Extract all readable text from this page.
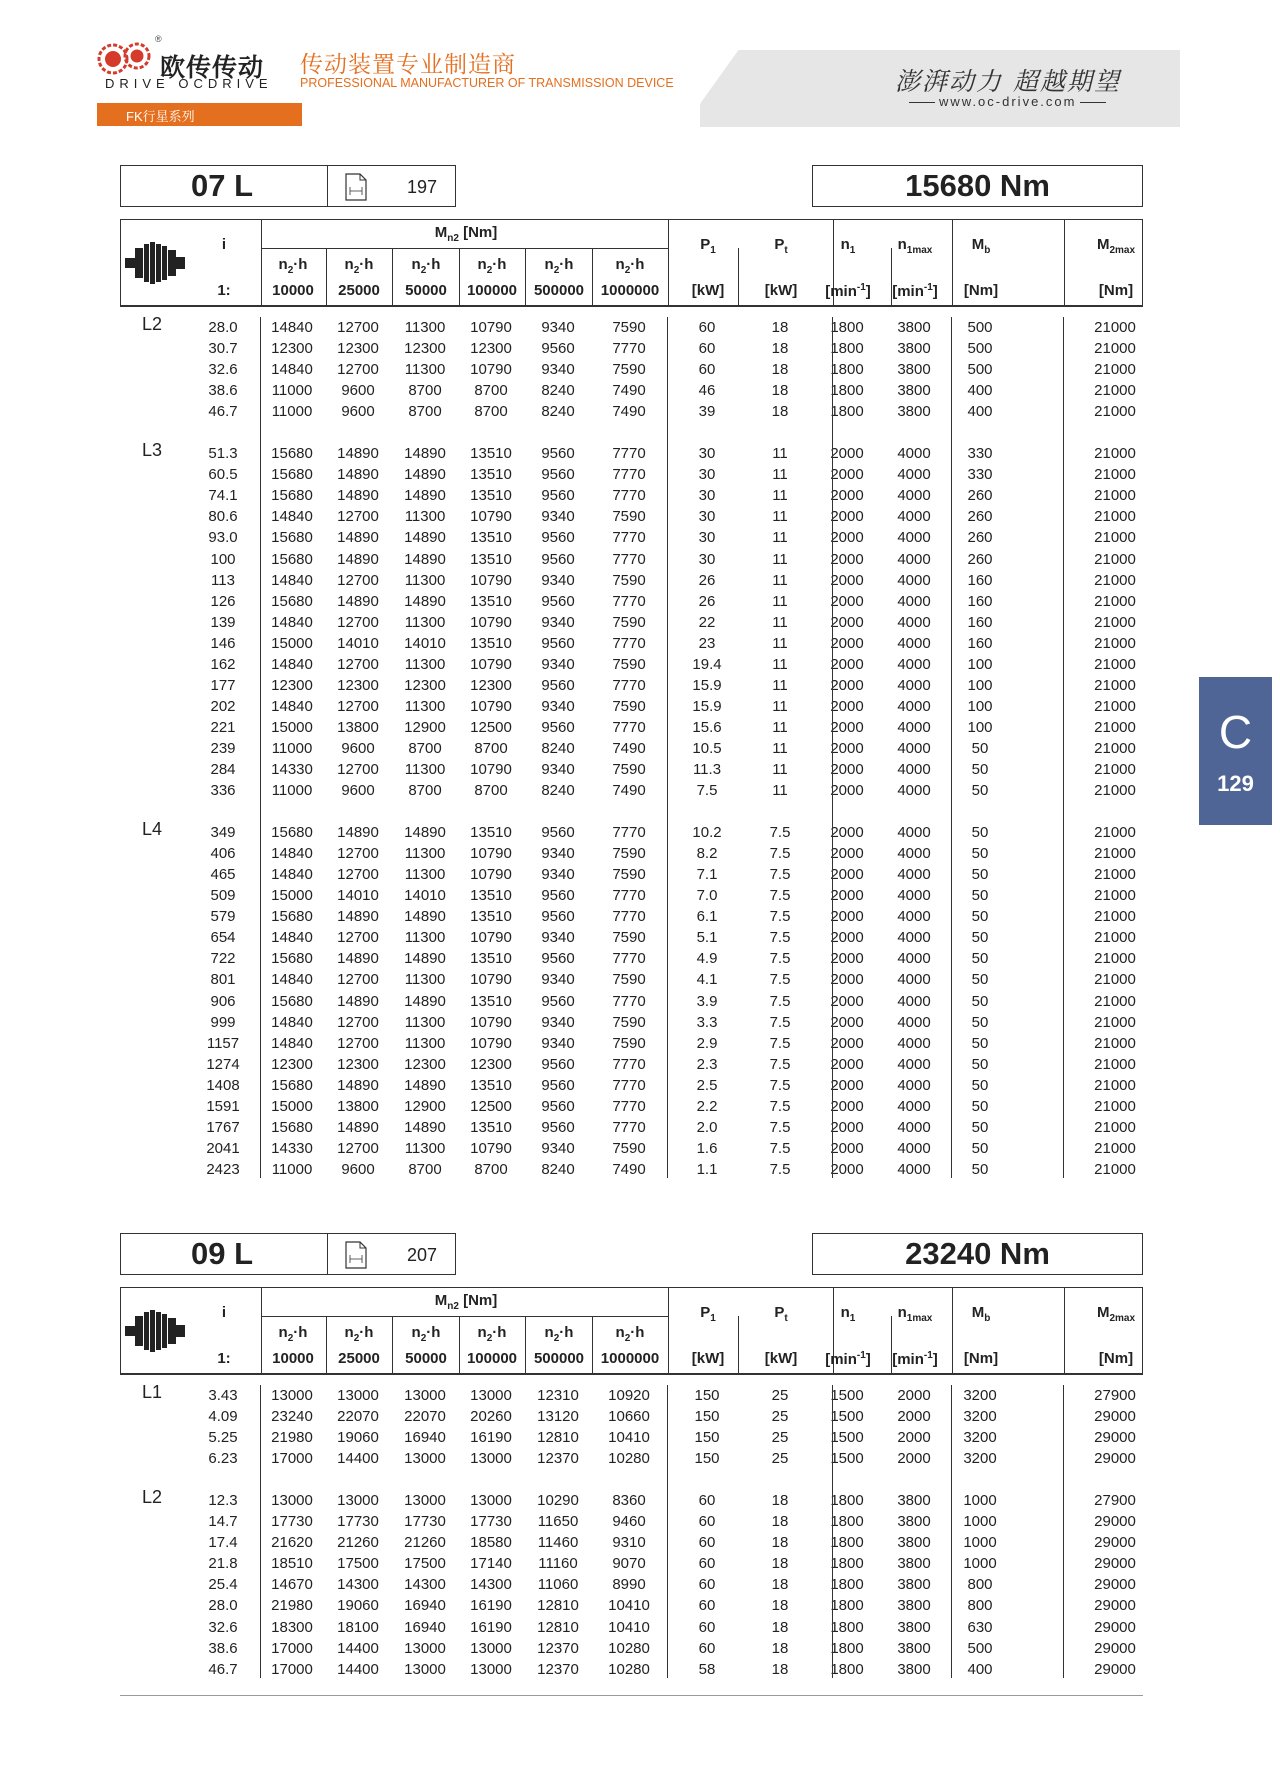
®
欧传传动
DRIVE OCDRIVE
传动装置专业制造商
PROFESSIONAL MANUFACTURER OF TRANSMISSION DEVICE	澎湃动力 超越期望
www.oc-drive.com
FK行星系列
C
129
07 L	197	15680 Nm
i
1:
$M_{n2}$ [Nm]
$n_2\cdot h$
10000
$n_2\cdot h$
25000
$n_2\cdot h$
50000
$n_2\cdot h$
100000
$n_2\cdot h$
500000
$n_2\cdot h$
1000000
$P_1$
[kW]
$P_t$
[kW]
$n_1$
$[\min^{-1}]$
$n_{1max}$
$[\min^{-1}]$
$M_b$
[Nm]
$M_{2max}$
[Nm]
L2	28.0	14840	12700	11300	10790	9340	7590	60	18	1800	3800	500	21000
30.7	12300	12300	12300	12300	9560	7770	60	18	1800	3800	500	21000
32.6	14840	12700	11300	10790	9340	7590	60	18	1800	3800	500	21000
38.6	11000	9600	8700	8700	8240	7490	46	18	1800	3800	400	21000
46.7	11000	9600	8700	8700	8240	7490	39	18	1800	3800	400	21000
L3	51.3	15680	14890	14890	13510	9560	7770	30	11	2000	4000	330	21000
60.5	15680	14890	14890	13510	9560	7770	30	11	2000	4000	330	21000
74.1	15680	14890	14890	13510	9560	7770	30	11	2000	4000	260	21000
80.6	14840	12700	11300	10790	9340	7590	30	11	2000	4000	260	21000
93.0	15680	14890	14890	13510	9560	7770	30	11	2000	4000	260	21000
100	15680	14890	14890	13510	9560	7770	30	11	2000	4000	260	21000
113	14840	12700	11300	10790	9340	7590	26	11	2000	4000	160	21000
126	15680	14890	14890	13510	9560	7770	26	11	2000	4000	160	21000
139	14840	12700	11300	10790	9340	7590	22	11	2000	4000	160	21000
146	15000	14010	14010	13510	9560	7770	23	11	2000	4000	160	21000
162	14840	12700	11300	10790	9340	7590	19.4	11	2000	4000	100	21000
177	12300	12300	12300	12300	9560	7770	15.9	11	2000	4000	100	21000
202	14840	12700	11300	10790	9340	7590	15.9	11	2000	4000	100	21000
221	15000	13800	12900	12500	9560	7770	15.6	11	2000	4000	100	21000
239	11000	9600	8700	8700	8240	7490	10.5	11	2000	4000	50	21000
284	14330	12700	11300	10790	9340	7590	11.3	11	2000	4000	50	21000
336	11000	9600	8700	8700	8240	7490	7.5	11	2000	4000	50	21000
L4	349	15680	14890	14890	13510	9560	7770	10.2	7.5	2000	4000	50	21000
406	14840	12700	11300	10790	9340	7590	8.2	7.5	2000	4000	50	21000
465	14840	12700	11300	10790	9340	7590	7.1	7.5	2000	4000	50	21000
509	15000	14010	14010	13510	9560	7770	7.0	7.5	2000	4000	50	21000
579	15680	14890	14890	13510	9560	7770	6.1	7.5	2000	4000	50	21000
654	14840	12700	11300	10790	9340	7590	5.1	7.5	2000	4000	50	21000
722	15680	14890	14890	13510	9560	7770	4.9	7.5	2000	4000	50	21000
801	14840	12700	11300	10790	9340	7590	4.1	7.5	2000	4000	50	21000
906	15680	14890	14890	13510	9560	7770	3.9	7.5	2000	4000	50	21000
999	14840	12700	11300	10790	9340	7590	3.3	7.5	2000	4000	50	21000
1157	14840	12700	11300	10790	9340	7590	2.9	7.5	2000	4000	50	21000
1274	12300	12300	12300	12300	9560	7770	2.3	7.5	2000	4000	50	21000
1408	15680	14890	14890	13510	9560	7770	2.5	7.5	2000	4000	50	21000
1591	15000	13800	12900	12500	9560	7770	2.2	7.5	2000	4000	50	21000
1767	15680	14890	14890	13510	9560	7770	2.0	7.5	2000	4000	50	21000
2041	14330	12700	11300	10790	9340	7590	1.6	7.5	2000	4000	50	21000
2423	11000	9600	8700	8700	8240	7490	1.1	7.5	2000	4000	50	21000
09 L	207	23240 Nm
i
1:
$M_{n2}$ [Nm]
$n_2\cdot h$
10000
$n_2\cdot h$
25000
$n_2\cdot h$
50000
$n_2\cdot h$
100000
$n_2\cdot h$
500000
$n_2\cdot h$
1000000
$P_1$
[kW]
$P_t$
[kW]
$n_1$
$[\min^{-1}]$
$n_{1max}$
$[\min^{-1}]$
$M_b$
[Nm]
$M_{2max}$
[Nm]
L1	3.43	13000	13000	13000	13000	12310	10920	150	25	1500	2000	3200	27900
4.09	23240	22070	22070	20260	13120	10660	150	25	1500	2000	3200	29000
5.25	21980	19060	16940	16190	12810	10410	150	25	1500	2000	3200	29000
6.23	17000	14400	13000	13000	12370	10280	150	25	1500	2000	3200	29000
L2	12.3	13000	13000	13000	13000	10290	8360	60	18	1800	3800	1000	27900
14.7	17730	17730	17730	17730	11650	9460	60	18	1800	3800	1000	29000
17.4	21620	21260	21260	18580	11460	9310	60	18	1800	3800	1000	29000
21.8	18510	17500	17500	17140	11160	9070	60	18	1800	3800	1000	29000
25.4	14670	14300	14300	14300	11060	8990	60	18	1800	3800	800	29000
28.0	21980	19060	16940	16190	12810	10410	60	18	1800	3800	800	29000
32.6	18300	18100	16940	16190	12810	10410	60	18	1800	3800	630	29000
38.6	17000	14400	13000	13000	12370	10280	60	18	1800	3800	500	29000
46.7	17000	14400	13000	13000	12370	10280	58	18	1800	3800	400	29000
